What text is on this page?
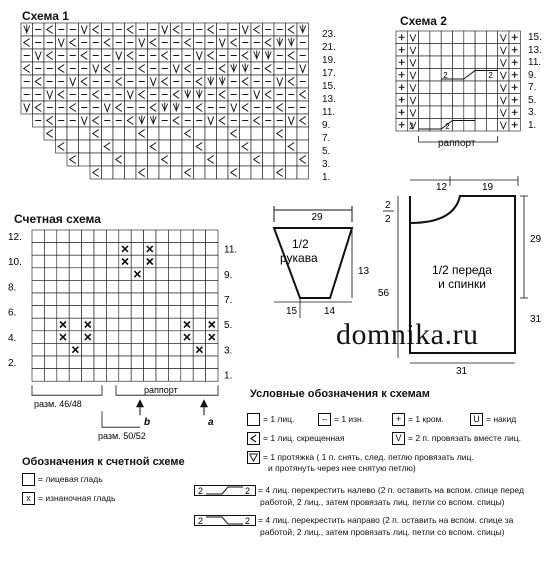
Схема 1
23.
21.
19.
17.
15.
13.
11.
9.
7.
5.
3.
1.
Схема 2
2	2
2	2
15.
13.
11.
9.
7.
5.
3.
1.
раппорт
Счетная схема
12.
10.
8.
6.
4.
2.
11.
9.
7.
5.
3.
1.
разм. 46/48
раппорт
b	a
разм. 50/52
29
13
15	14
1/2
рукава
12	19
2
2
29
56
31
31
1/2 переда
и спинки
domnika.ru
Условные обозначения к схемам
= 1 лиц.	– = 1 изн.	+ = 1 кром.	U = накид
= 1 лиц. скрещенная	V = 2 п. провязать вместе лиц.
= 1 протяжка ( 1 п. снять, след. петлю провязать лиц.
и протянуть через нее снятую петлю)
2	2 = 4 лиц. перекрестить налево (2 п. оставить на вспом. спице перед
работой, 2 лиц., затем провязать лиц. петли со вспом. спицы)
2	2 = 4 лиц. перекрестить направо (2 п. оставить на вспом. спице за
работой, 2 лиц., затем провязать лиц. петли со вспом. спицы)
Обозначения к счетной схеме
= лицевая гладь
x = изнаночная гладь
